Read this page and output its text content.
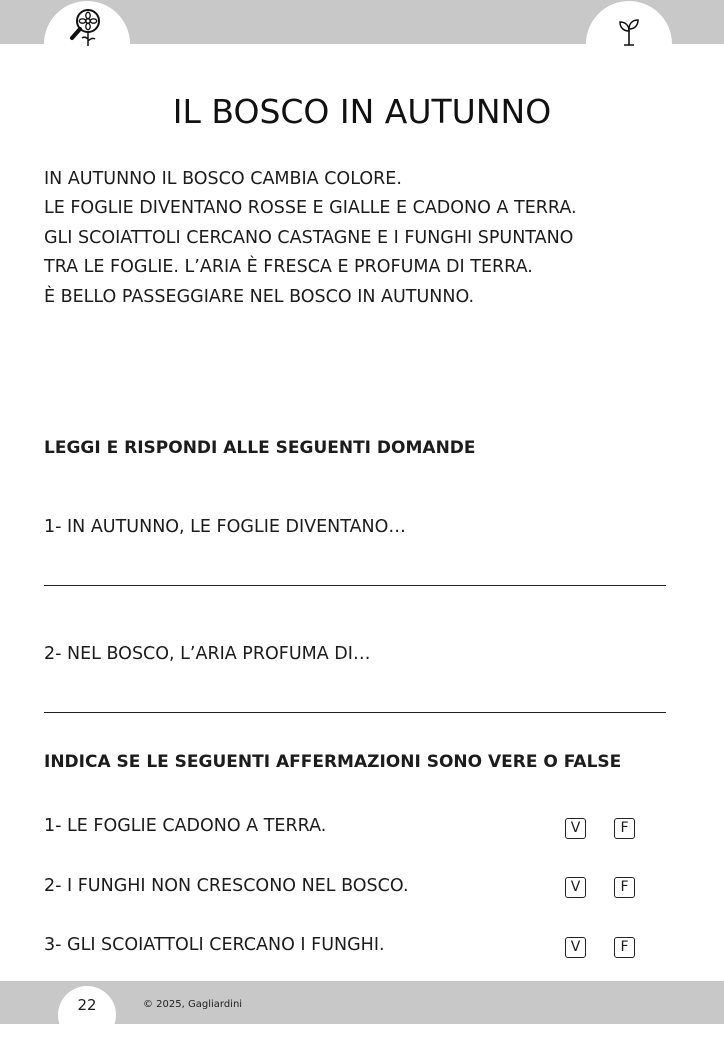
IL BOSCO IN AUTUNNO
IN AUTUNNO IL BOSCO CAMBIA COLORE.
LE FOGLIE DIVENTANO ROSSE E GIALLE E CADONO A TERRA.
GLI SCOIATTOLI CERCANO CASTAGNE E I FUNGHI SPUNTANO
TRA LE FOGLIE. L’ARIA È FRESCA E PROFUMA DI TERRA.
È BELLO PASSEGGIARE NEL BOSCO IN AUTUNNO.
LEGGI E RISPONDI ALLE SEGUENTI DOMANDE
1- IN AUTUNNO, LE FOGLIE DIVENTANO…
2- NEL BOSCO, L’ARIA PROFUMA DI…
INDICA SE LE SEGUENTI AFFERMAZIONI SONO VERE O FALSE
1- LE FOGLIE CADONO A TERRA.	V	F
2- I FUNGHI NON CRESCONO NEL BOSCO.	V	F
3- GLI SCOIATTOLI CERCANO I FUNGHI.	V	F
22	© 2025, Gagliardini
